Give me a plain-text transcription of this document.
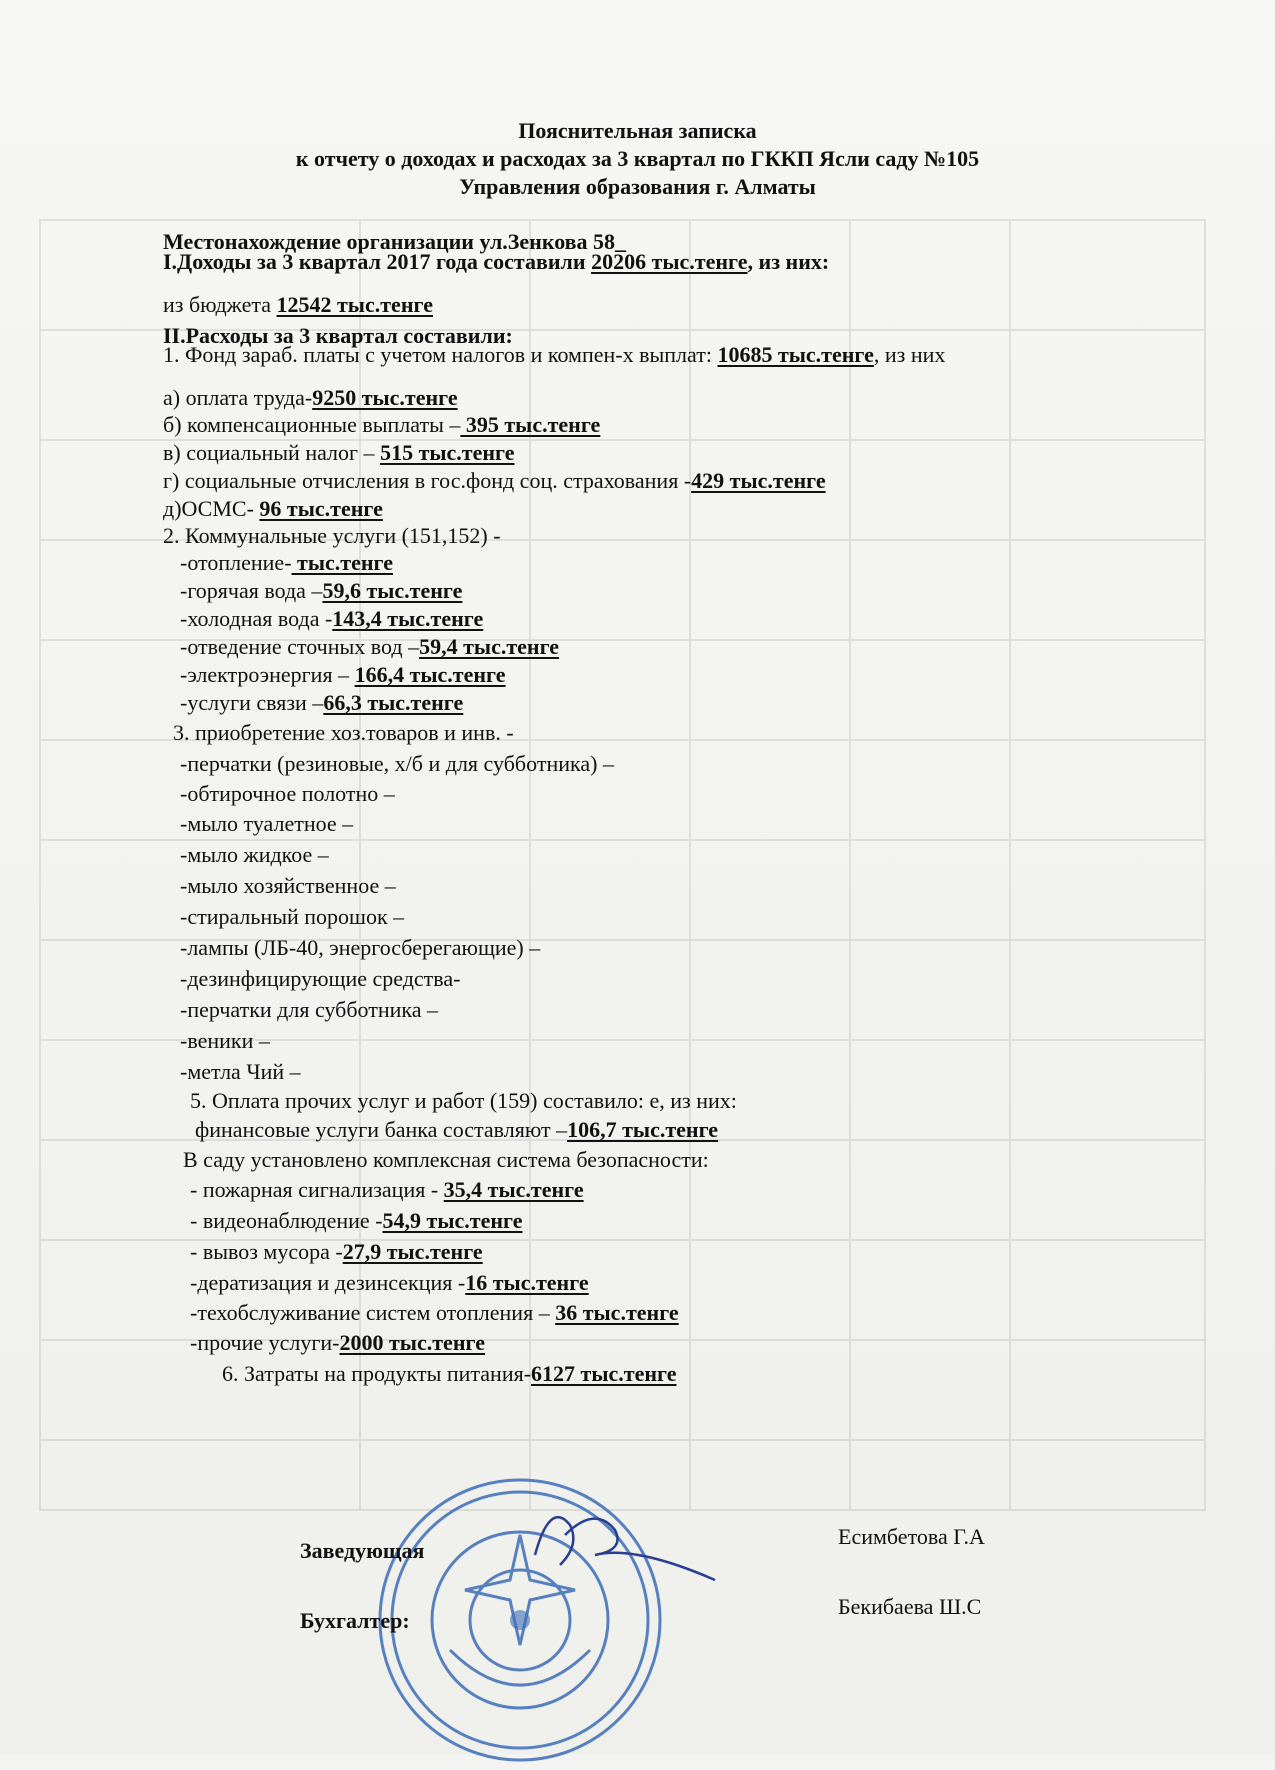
Пояснительная записка
к отчету о доходах и расходах за 3 квартал по ГККП Ясли саду №105
Управления образования г. Алматы
Местонахождение организации ул.Зенкова 58_
I.Доходы за 3 квартал 2017 года составили 20206 тыс.тенге, из них:
из бюджета 12542 тыс.тенге
II.Расходы за 3 квартал составили:
1. Фонд зараб. платы с учетом налогов и компен-х выплат: 10685 тыс.тенге, из них
а) оплата труда-9250 тыс.тенге
б) компенсационные выплаты – 395 тыс.тенге
в) социальный налог – 515 тыс.тенге
г) социальные отчисления в гос.фонд соц. страхования -429 тыс.тенге
д)ОСМС- 96 тыс.тенге
2. Коммунальные услуги (151,152) -
-отопление- тыс.тенге
-горячая вода –59,6 тыс.тенге
-холодная вода -143,4 тыс.тенге
-отведение сточных вод –59,4 тыс.тенге
-электроэнергия – 166,4 тыс.тенге
-услуги связи –66,3 тыс.тенге
3. приобретение хоз.товаров и инв. -
-перчатки (резиновые, х/б и для субботника) –
-обтирочное полотно –
-мыло туалетное –
-мыло жидкое –
-мыло хозяйственное –
-стиральный порошок –
-лампы (ЛБ-40, энергосберегающие) –
-дезинфицирующие средства-
-перчатки для субботника –
-веники –
-метла Чий –
5. Оплата прочих услуг и работ (159) составило: е, из них:
финансовые услуги банка составляют –106,7 тыс.тенге
В саду установлено комплексная система безопасности:
- пожарная сигнализация - 35,4 тыс.тенге
- видеонаблюдение -54,9 тыс.тенге
- вывоз мусора -27,9 тыс.тенге
-дератизация и дезинсекция -16 тыс.тенге
-техобслуживание систем отопления – 36 тыс.тенге
-прочие услуги-2000 тыс.тенге
6. Затраты на продукты питания-6127 тыс.тенге
Заведующая
Есимбетова Г.А
Бухгалтер:
Бекибаева Ш.С
